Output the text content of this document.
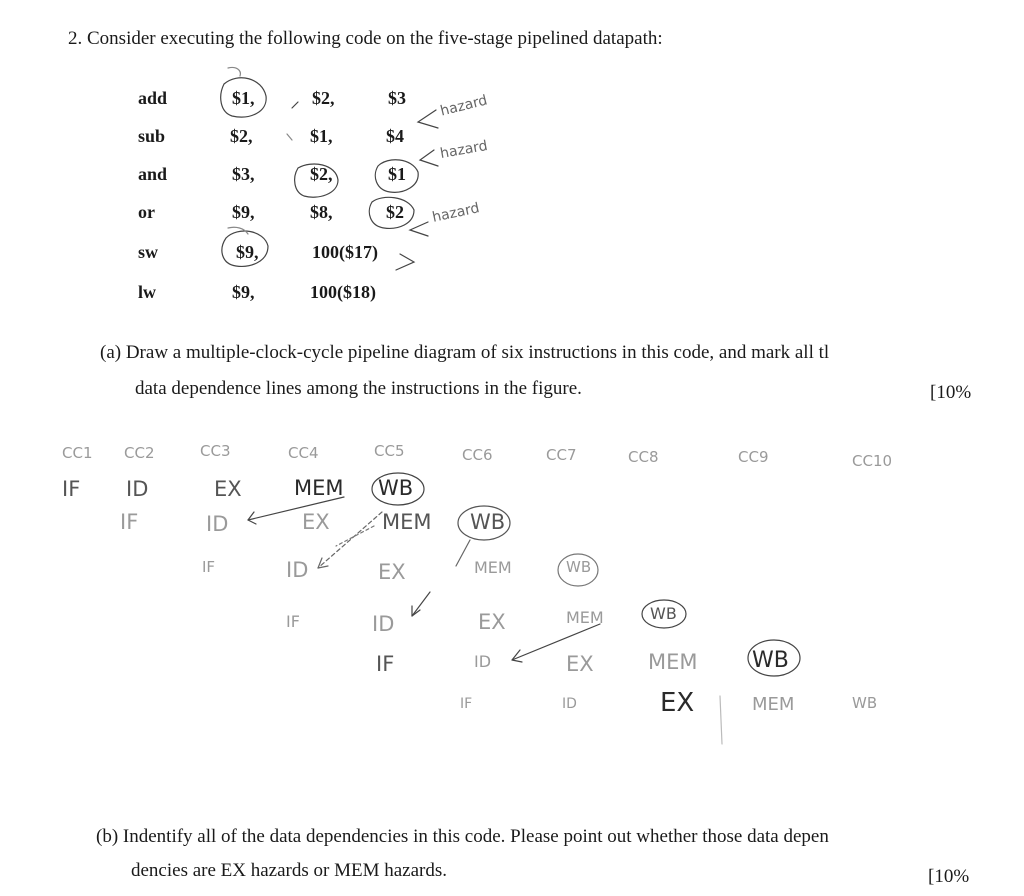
2. Consider executing the following code on the five-stage pipelined datapath:
add	$1,	$2,	$3
sub	$2,	$1,	$4
and	$3,	$2,	$1
or	$9,	$8,	$2
sw	$9,	100($17)
lw	$9,	100($18)
hazard
hazard
hazard
(a) Draw a multiple-clock-cycle pipeline diagram of six instructions in this code, and mark all tl
data dependence lines among the instructions in the figure.	[10%
CC1 CC2	CC3	CC4	CC5	CC6	CC7	CC8	CC9	CC10
IF ID	EX MEM WB
IF	ID	EX MEM WB
IF	ID	EX	MEM	WB
IF	ID	EX	MEM	WB
IF	ID	EX	MEM WB
IF	ID	EX	MEM	WB
(b) Indentify all of the data dependencies in this code. Please point out whether those data depen
dencies are EX hazards or MEM hazards.	[10%
